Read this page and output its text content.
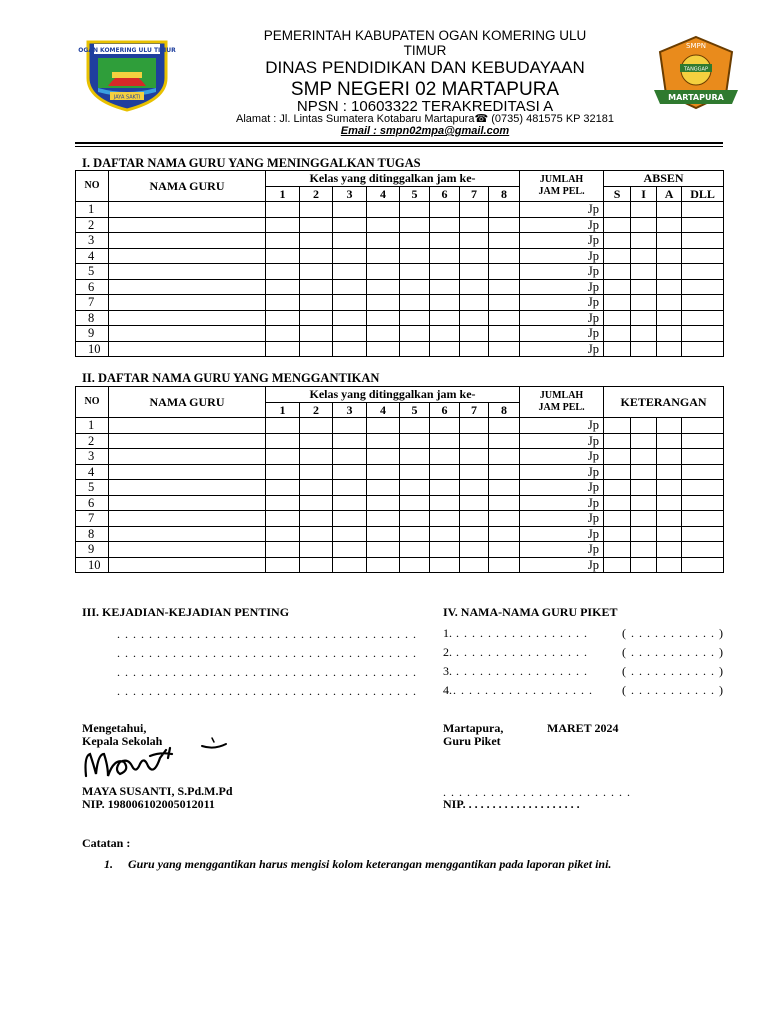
OGAN KOMERING ULU TIMUR
JAYA SAKTI
PEMERINTAH KABUPATEN OGAN KOMERING ULU
TIMUR
DINAS PENDIDIKAN DAN KEBUDAYAAN
SMP NEGERI 02 MARTAPURA
NPSN : 10603322 TERAKREDITASI A
Alamat : Jl. Lintas Sumatera Kotabaru Martapura☎ (0735) 481575 KP 32181
Email : smpn02mpa@gmail.com
SMPN
TANGGAP
MARTAPURA
I. DAFTAR NAMA GURU YANG MENINGGALKAN TUGAS
NO	NAMA GURU	Kelas yang ditinggalkan jam ke-								JUMLAH
JAM PEL.	ABSEN			
		1	2	3	4	5	6	7	8		S	I	A	DLL
1										Jp				
2										Jp				
3										Jp				
4										Jp				
5										Jp				
6										Jp				
7										Jp				
8										Jp				
9										Jp				
10										Jp				
II. DAFTAR NAMA GURU YANG MENGGANTIKAN
NO	NAMA GURU	Kelas yang ditinggalkan jam ke-								JUMLAH
JAM PEL.	KETERANGAN			
		1	2	3	4	5	6	7	8					
1										Jp				
2										Jp				
3										Jp				
4										Jp				
5										Jp				
6										Jp				
7										Jp				
8										Jp				
9										Jp				
10										Jp				
III. KEJADIAN-KEJADIAN PENTING
. . . . . . . . . . . . . . . . . . . . . . . . . . . . . . . . . . . . . .
. . . . . . . . . . . . . . . . . . . . . . . . . . . . . . . . . . . . . .
. . . . . . . . . . . . . . . . . . . . . . . . . . . . . . . . . . . . . .
. . . . . . . . . . . . . . . . . . . . . . . . . . . . . . . . . . . . . .
IV. NAMA-NAMA GURU PIKET
1. . . . . . . . . . . . . . . . . .	( . . . . . . . . . . . )
2. . . . . . . . . . . . . . . . . .	( . . . . . . . . . . . )
3. . . . . . . . . . . . . . . . . .	( . . . . . . . . . . . )
4. . . . . . . . . . . . . . . . . . . ( . . . . . . . . . . . )
Mengetahui,
Kepala Sekolah
MAYA SUSANTI, S.Pd.M.Pd
NIP. 198006102005012011
Martapura,	MARET 2024
Guru Piket
. . . . . . . . . . . . . . . . . . . . . . . .
NIP. . . . . . . . . . . . . . . . . . . .
Catatan :
1. Guru yang menggantikan harus mengisi kolom keterangan menggantikan pada laporan piket ini.
